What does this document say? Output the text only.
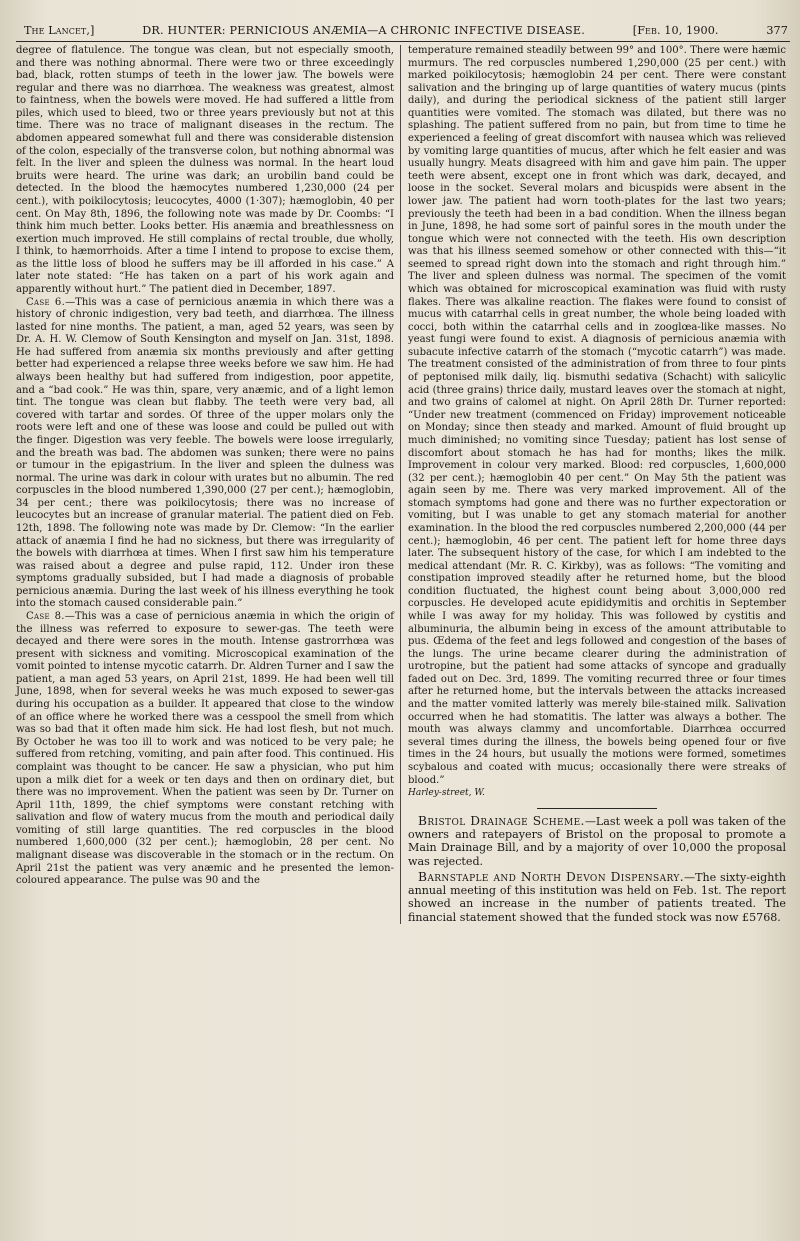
The Lancet,]	DR. HUNTER: PERNICIOUS ANÆMIA—A CHRONIC INFECTIVE DISEASE.	[Feb. 10, 1900.	377

degree of flatulence. The tongue was clean, but not especially smooth, and there was nothing abnormal. There were two or three exceedingly bad, black, rotten stumps of teeth in the lower jaw. The bowels were regular and there was no diarrhœa. The weakness was greatest, almost to faintness, when the bowels were moved. He had suffered a little from piles, which used to bleed, two or three years previously but not at this time. There was no trace of malignant diseases in the rectum. The abdomen appeared somewhat full and there was considerable distension of the colon, especially of the transverse colon, but nothing abnormal was felt. In the liver and spleen the dulness was normal. In the heart loud bruits were heard. The urine was dark; an urobilin band could be detected. In the blood the hæmocytes numbered 1,230,000 (24 per cent.), with poikilocytosis; leucocytes, 4000 (1·307); hæmoglobin, 40 per cent. On May 8th, 1896, the following note was made by Dr. Coombs: “I think him much better. Looks better. His anæmia and breathlessness on exertion much improved. He still complains of rectal trouble, due wholly, I think, to hæmorrhoids. After a time I intend to propose to excise them, as the little loss of blood he suffers may be ill afforded in his case.” A later note stated: “He has taken on a part of his work again and apparently without hurt.” The patient died in December, 1897.

Case 6.—This was a case of pernicious anæmia in which there was a history of chronic indigestion, very bad teeth, and diarrhœa. The illness lasted for nine months. The patient, a man, aged 52 years, was seen by Dr. A. H. W. Clemow of South Kensington and myself on Jan. 31st, 1898. He had suffered from anæmia six months previously and after getting better had experienced a relapse three weeks before we saw him. He had always been healthy but had suffered from indigestion, poor appetite, and a “bad cook.” He was thin, spare, very anæmic, and of a light lemon tint. The tongue was clean but flabby. The teeth were very bad, all covered with tartar and sordes. Of three of the upper molars only the roots were left and one of these was loose and could be pulled out with the finger. Digestion was very feeble. The bowels were loose irregularly, and the breath was bad. The abdomen was sunken; there were no pains or tumour in the epigastrium. In the liver and spleen the dulness was normal. The urine was dark in colour with urates but no albumin. The red corpuscles in the blood numbered 1,390,000 (27 per cent.); hæmoglobin, 34 per cent.; there was poikilocytosis; there was no increase of leucocytes but an increase of granular material. The patient died on Feb. 12th, 1898. The following note was made by Dr. Clemow: “In the earlier attack of anæmia I find he had no sickness, but there was irregularity of the bowels with diarrhœa at times. When I first saw him his temperature was raised about a degree and pulse rapid, 112. Under iron these symptoms gradually subsided, but I had made a diagnosis of probable pernicious anæmia. During the last week of his illness everything he took into the stomach caused considerable pain.”

Case 8.—This was a case of pernicious anæmia in which the origin of the illness was referred to exposure to sewer-gas. The teeth were decayed and there were sores in the mouth. Intense gastrorrhœa was present with sickness and vomiting. Microscopical examination of the vomit pointed to intense mycotic catarrh. Dr. Aldren Turner and I saw the patient, a man aged 53 years, on April 21st, 1899. He had been well till June, 1898, when for several weeks he was much exposed to sewer-gas during his occupation as a builder. It appeared that close to the window of an office where he worked there was a cesspool the smell from which was so bad that it often made him sick. He had lost flesh, but not much. By October he was too ill to work and was noticed to be very pale; he suffered from retching, vomiting, and pain after food. This continued. His complaint was thought to be cancer. He saw a physician, who put him upon a milk diet for a week or ten days and then on ordinary diet, but there was no improvement. When the patient was seen by Dr. Turner on April 11th, 1899, the chief symptoms were constant retching with salivation and flow of watery mucus from the mouth and periodical daily vomiting of still large quantities. The red corpuscles in the blood numbered 1,600,000 (32 per cent.); hæmoglobin, 28 per cent. No malignant disease was discoverable in the stomach or in the rectum. On April 21st the patient was very anæmic and he presented the lemon-coloured appearance. The pulse was 90 and the

temperature remained steadily between 99° and 100°. There were hæmic murmurs. The red corpuscles numbered 1,290,000 (25 per cent.) with marked poikilocytosis; hæmoglobin 24 per cent. There were constant salivation and the bringing up of large quantities of watery mucus (pints daily), and during the periodical sickness of the patient still larger quantities were vomited. The stomach was dilated, but there was no splashing. The patient suffered from no pain, but from time to time he experienced a feeling of great discomfort with nausea which was relieved by vomiting large quantities of mucus, after which he felt easier and was usually hungry. Meats disagreed with him and gave him pain. The upper teeth were absent, except one in front which was dark, decayed, and loose in the socket. Several molars and bicuspids were absent in the lower jaw. The patient had worn tooth-plates for the last two years; previously the teeth had been in a bad condition. When the illness began in June, 1898, he had some sort of painful sores in the mouth under the tongue which were not connected with the teeth. His own description was that his illness seemed somehow or other connected with this—“it seemed to spread right down into the stomach and right through him.” The liver and spleen dulness was normal. The specimen of the vomit which was obtained for microscopical examination was fluid with rusty flakes. There was alkaline reaction. The flakes were found to consist of mucus with catarrhal cells in great number, the whole being loaded with cocci, both within the catarrhal cells and in zooglœa-like masses. No yeast fungi were found to exist. A diagnosis of pernicious anæmia with subacute infective catarrh of the stomach (“mycotic catarrh”) was made. The treatment consisted of the administration of from three to four pints of peptonised milk daily, liq. bismuthi sedativa (Schacht) with salicylic acid (three grains) thrice daily, mustard leaves over the stomach at night, and two grains of calomel at night. On April 28th Dr. Turner reported: “Under new treatment (commenced on Friday) improvement noticeable on Monday; since then steady and marked. Amount of fluid brought up much diminished; no vomiting since Tuesday; patient has lost sense of discomfort about stomach he has had for months; likes the milk. Improvement in colour very marked. Blood: red corpuscles, 1,600,000 (32 per cent.); hæmoglobin 40 per cent.” On May 5th the patient was again seen by me. There was very marked improvement. All of the stomach symptoms had gone and there was no further expectoration or vomiting, but I was unable to get any stomach material for another examination. In the blood the red corpuscles numbered 2,200,000 (44 per cent.); hæmoglobin, 46 per cent. The patient left for home three days later. The subsequent history of the case, for which I am indebted to the medical attendant (Mr. R. C. Kirkby), was as follows: “The vomiting and constipation improved steadily after he returned home, but the blood condition fluctuated, the highest count being about 3,000,000 red corpuscles. He developed acute epididymitis and orchitis in September while I was away for my holiday. This was followed by cystitis and albuminuria, the albumin being in excess of the amount attributable to pus. Œdema of the feet and legs followed and congestion of the bases of the lungs. The urine became clearer during the administration of urotropine, but the patient had some attacks of syncope and gradually faded out on Dec. 3rd, 1899. The vomiting recurred three or four times after he returned home, but the intervals between the attacks increased and the matter vomited latterly was merely bile-stained milk. Salivation occurred when he had stomatitis. The latter was always a bother. The mouth was always clammy and uncomfortable. Diarrhœa occurred several times during the illness, the bowels being opened four or five times in the 24 hours, but usually the motions were formed, sometimes scybalous and coated with mucus; occasionally there were streaks of blood.”

Harley-street, W.

Bristol Drainage Scheme.—Last week a poll was taken of the owners and ratepayers of Bristol on the proposal to promote a Main Drainage Bill, and by a majority of over 10,000 the proposal was rejected.

Barnstaple and North Devon Dispensary.—The sixty-eighth annual meeting of this institution was held on Feb. 1st. The report showed an increase in the number of patients treated. The financial statement showed that the funded stock was now £5768.
